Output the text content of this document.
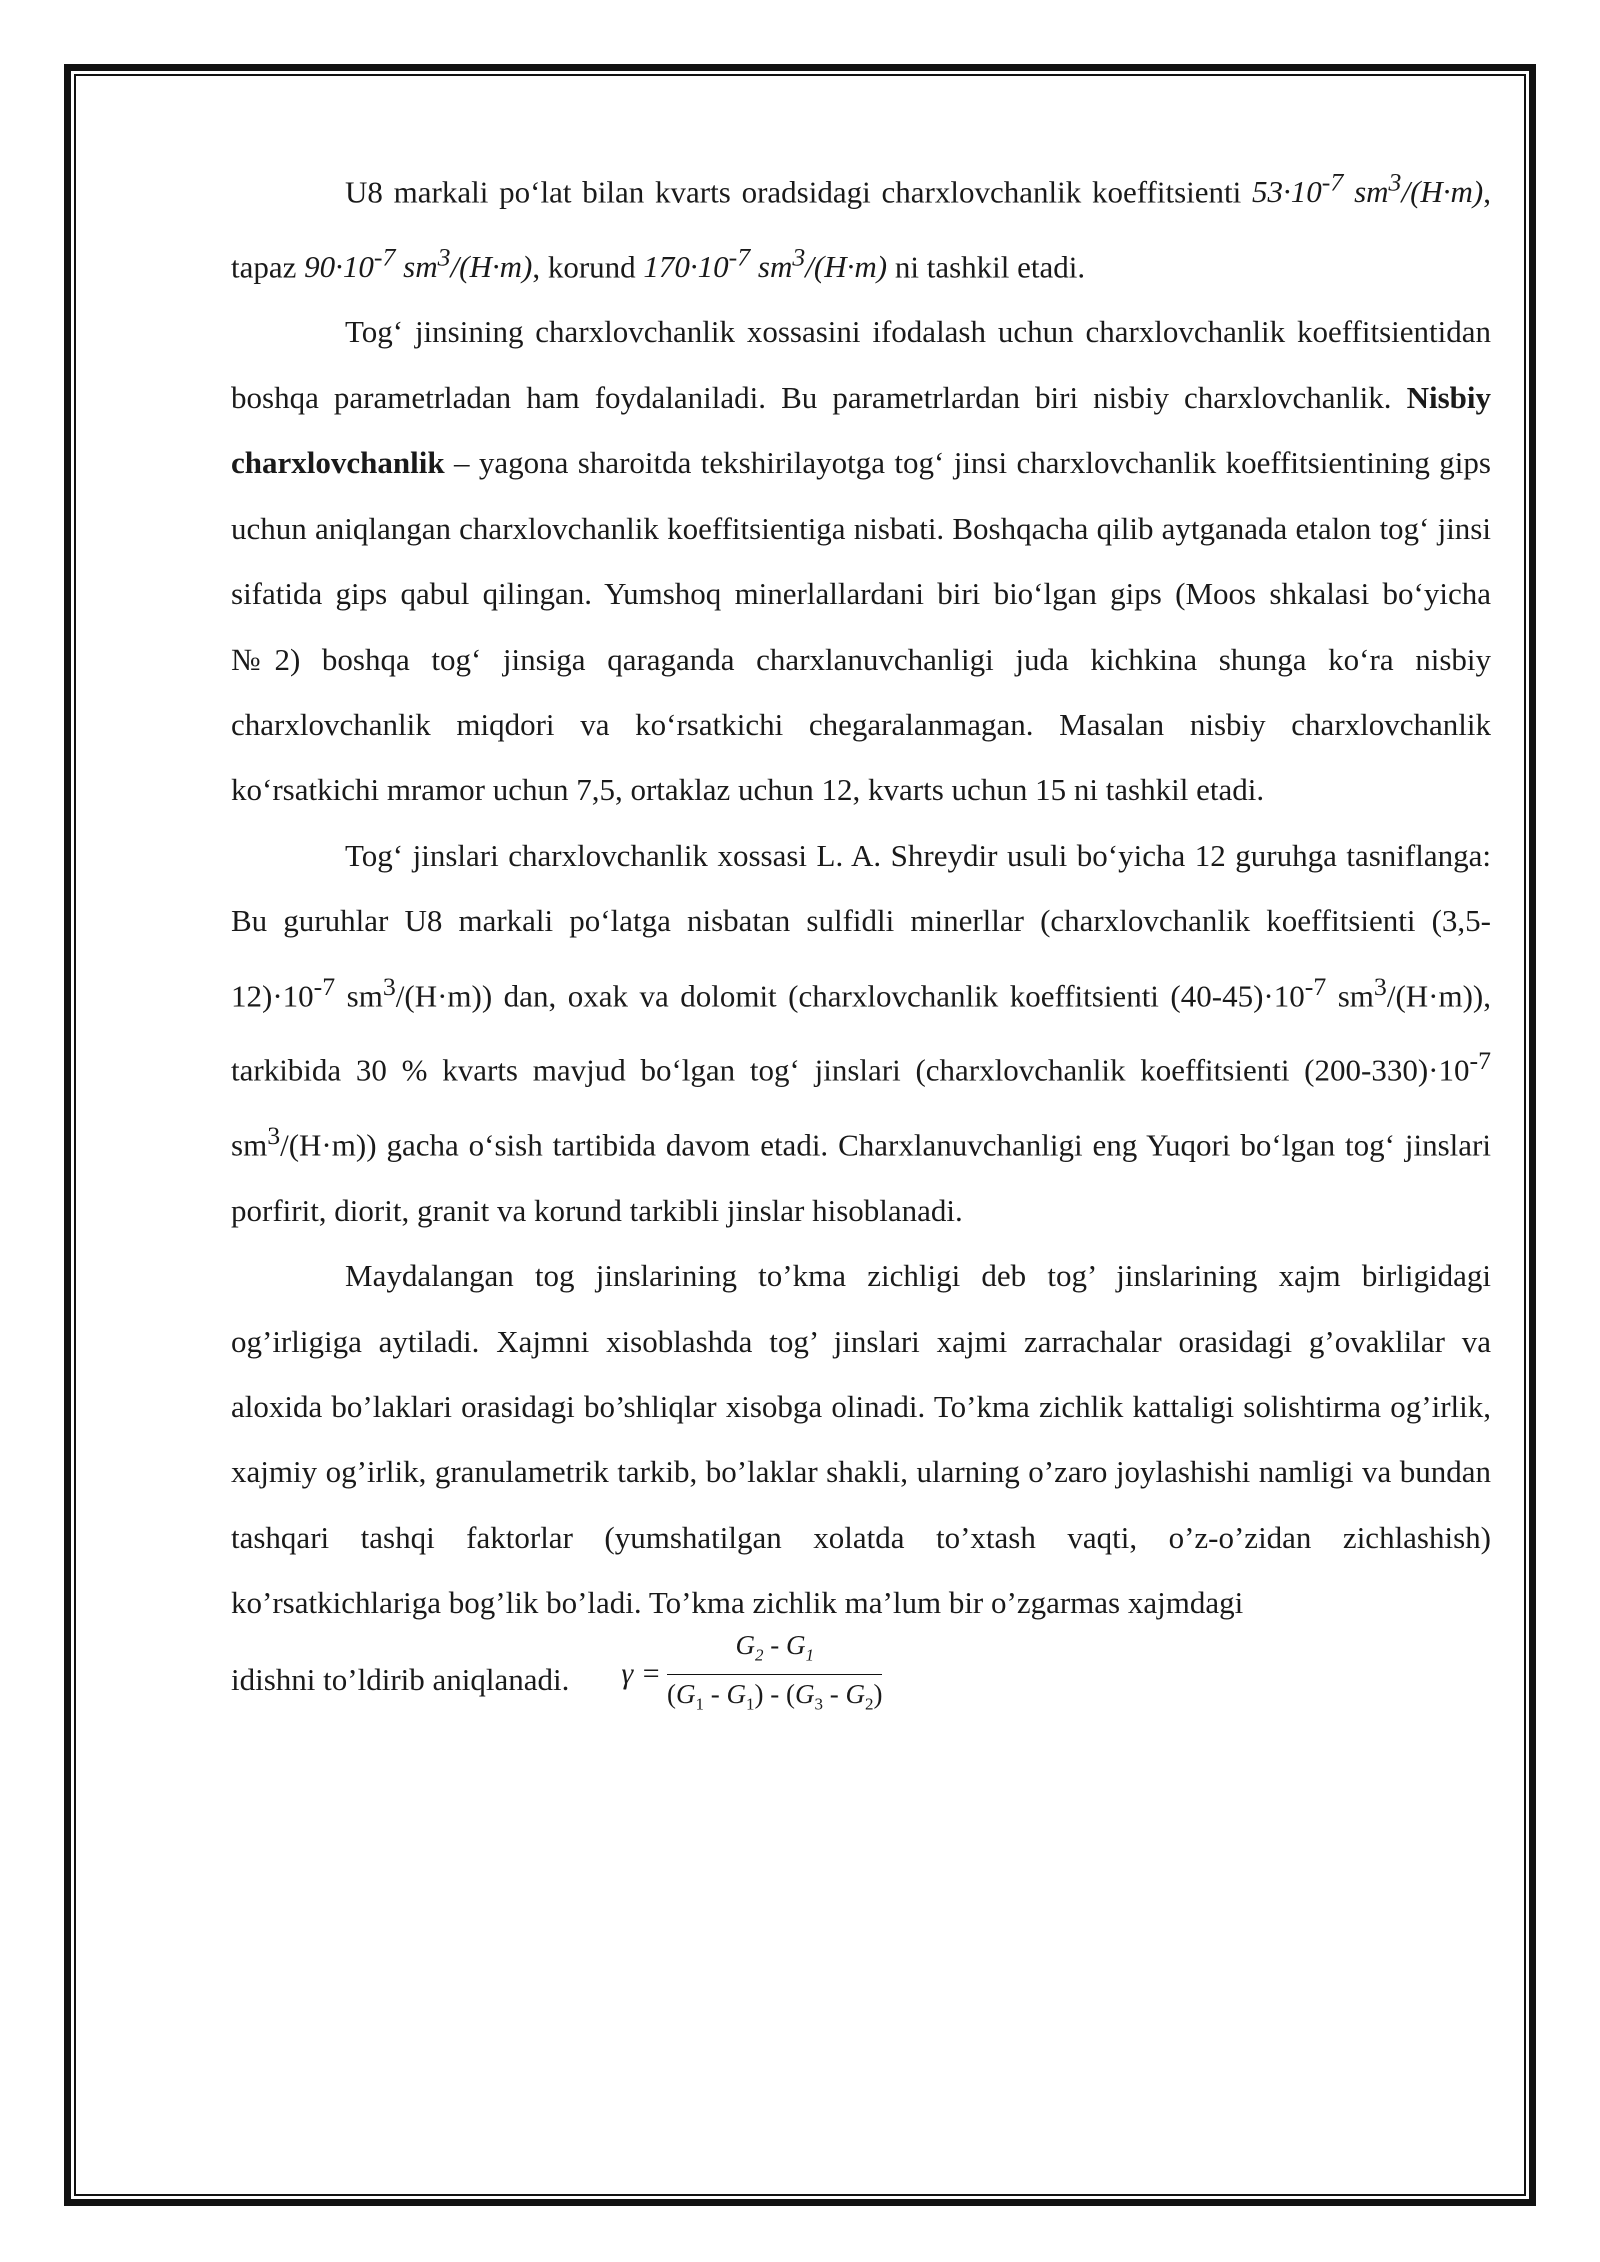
U8 markali po‘lat bilan kvarts oradsidagi charxlovchanlik koeffitsienti $53\cdot 10^{-7}$ $sm^3/(H\cdot m)$, tapaz $90\cdot 10^{-7}$ $sm^3/(H\cdot m)$, korund $170\cdot 10^{-7}$ $sm^3/(H\cdot m)$ ni tashkil etadi.

Tog‘ jinsining charxlovchanlik xossasini ifodalash uchun charxlovchanlik koeffitsientidan boshqa parametrladan ham foydalaniladi. Bu parametrlardan biri nisbiy charxlovchanlik. Nisbiy charxlovchanlik – yagona sharoitda tekshirilayotga tog‘ jinsi charxlovchanlik koeffitsientining gips uchun aniqlangan charxlovchanlik koeffitsientiga nisbati. Boshqacha qilib aytganada etalon tog‘ jinsi sifatida gips qabul qilingan. Yumshoq minerlallardani biri bio‘lgan gips (Moos shkalasi bo‘yicha №2) boshqa tog‘ jinsiga qaraganda charxlanuvchanligi juda kichkina shunga ko‘ra nisbiy charxlovchanlik miqdori va ko‘rsatkichi chegaralanmagan. Masalan nisbiy charxlovchanlik ko‘rsatkichi mramor uchun 7,5, ortaklaz uchun 12, kvarts uchun 15 ni tashkil etadi.

Tog‘ jinslari charxlovchanlik xossasi L. A. Shreydir usuli bo‘yicha 12 guruhga tasniflanga: Bu guruhlar U8 markali po‘latga nisbatan sulfidli minerllar (charxlovchanlik koeffitsienti $(3,5-12)\cdot 10^{-7}$ $sm^3/(H\cdot m)$) dan, oxak va dolomit (charxlovchanlik koeffitsienti $(40-45)\cdot 10^{-7}$ $sm^3/(H\cdot m)$), tarkibida 30 % kvarts mavjud bo‘lgan tog‘ jinslari (charxlovchanlik koeffitsienti $(200-330)\cdot 10^{-7}$ $sm^3/(H\cdot m)$) gacha o‘sish tartibida davom etadi. Charxlanuvchanligi eng Yuqori bo‘lgan tog‘ jinslari porfirit, diorit, granit va korund tarkibli jinslar hisoblanadi.

Maydalangan tog jinslarining to’kma zichligi deb tog’ jinslarining xajm birligidagi og’irligiga aytiladi. Xajmni xisoblashda tog’ jinslari xajmi zarrachalar orasidagi g’ovaklilar va aloxida bo’laklari orasidagi bo’shliqlar xisobga olinadi. To’kma zichlik kattaligi solishtirma og’irlik, xajmiy og’irlik, granulametrik tarkib, bo’laklar shakli, ularning o’zaro joylashishi namligi va bundan tashqari tashqi faktorlar (yumshatilgan xolatda to’xtash vaqti, o’z-o’zidan zichlashish) ko’rsatkichlariga bog’lik bo’ladi. To’kma zichlik ma’lum bir o’zgarmas xajmdagi

idishni to’ldirib aniqlanadi. $\gamma = \frac{G_2 - G_1}{(G_1 - G_1) - (G_3 - G_2)}$
